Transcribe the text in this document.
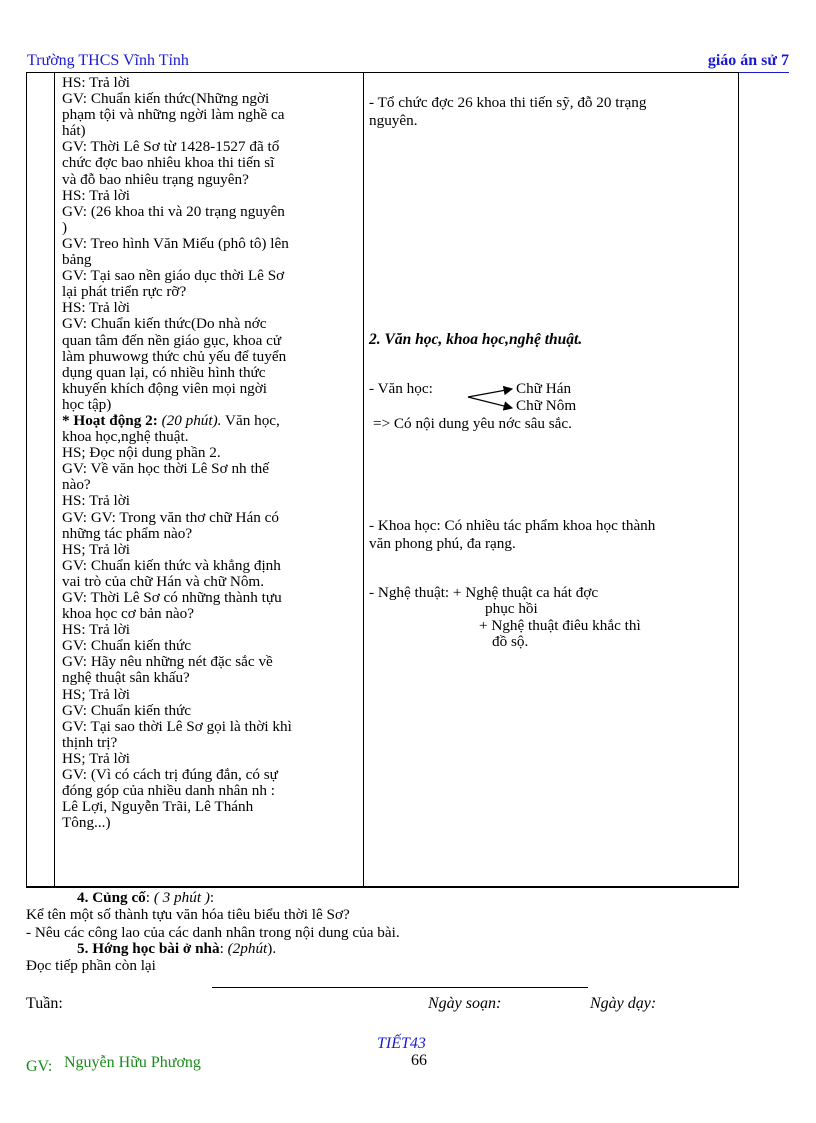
Trường THCS Vĩnh Tỉnh	giáo án sử 7
HS: Trả lời
GV: Chuẩn kiến thức(Những ngời
phạm tội và những ngời làm nghề ca
hát)
GV: Thời Lê Sơ từ 1428-1527 đã tổ
chức đợc bao nhiêu khoa thi tiến sĩ
và đỗ bao nhiêu trạng nguyên?
HS: Trả lời
GV: (26 khoa thi và 20 trạng nguyên
)
GV: Treo hình Văn Miếu (phô tô) lên
bảng
GV: Tại sao nền giáo dục thời Lê Sơ
lại phát triển rực rỡ?
HS: Trả lời
GV: Chuẩn kiến thức(Do nhà nớc
quan tâm đến nền giáo gục, khoa cử
làm phuwowg thức chủ yếu để tuyển
dụng quan lại, có nhiều hình thức
khuyến khích động viên mọi ngời
học tập)
* Hoạt động 2: (20 phút). Văn học,
khoa học,nghệ thuật.
HS; Đọc nội dung phần 2.
GV: Về văn học thời Lê Sơ nh thế
nào?
HS: Trả lời
GV: GV: Trong văn thơ chữ Hán có
những tác phẩm nào?
HS; Trả lời
GV: Chuẩn kiến thức và khẳng định
vai trò của chữ Hán và chữ Nôm.
GV: Thời Lê Sơ có những thành tựu
khoa học cơ bản nào?
HS: Trả lời
GV: Chuẩn kiến thức
GV: Hãy nêu những nét đặc sắc về
nghệ thuật sân khấu?
HS; Trả lời
GV: Chuẩn kiến thức
GV: Tại sao thời Lê Sơ gọi là thời khì
thịnh trị?
HS; Trả lời
GV: (Vì có cách trị đúng đắn, có sự
đóng góp của nhiều danh nhân nh :
Lê Lợi, Nguyễn Trãi, Lê Thánh
Tông...)
- Tổ chức đợc 26 khoa thi tiến sỹ, đỗ 20 trạng
nguyên.
2. Văn học, khoa học,nghệ thuật.
- Văn học:	Chữ Hán
Chữ Nôm
=> Có nội dung yêu nớc sâu sắc.
- Khoa học: Có nhiều tác phẩm khoa học thành
văn phong phú, đa rạng.
- Nghệ thuật: + Nghệ thuật ca hát đợc
phục hồi
+ Nghệ thuật điêu khắc thì
đồ sộ.
4. Củng cố: ( 3 phút ):
Kể tên một số thành tựu văn hóa tiêu biểu thời lê Sơ?
- Nêu các công lao của các danh nhân trong nội dung của bài.
5. Hớng học bài ở nhà: (2phút).
Đọc tiếp phần còn lại
Tuần:	Ngày soạn:	Ngày dạy:
TIẾT43
66
GV: Nguyễn Hữu Phương
